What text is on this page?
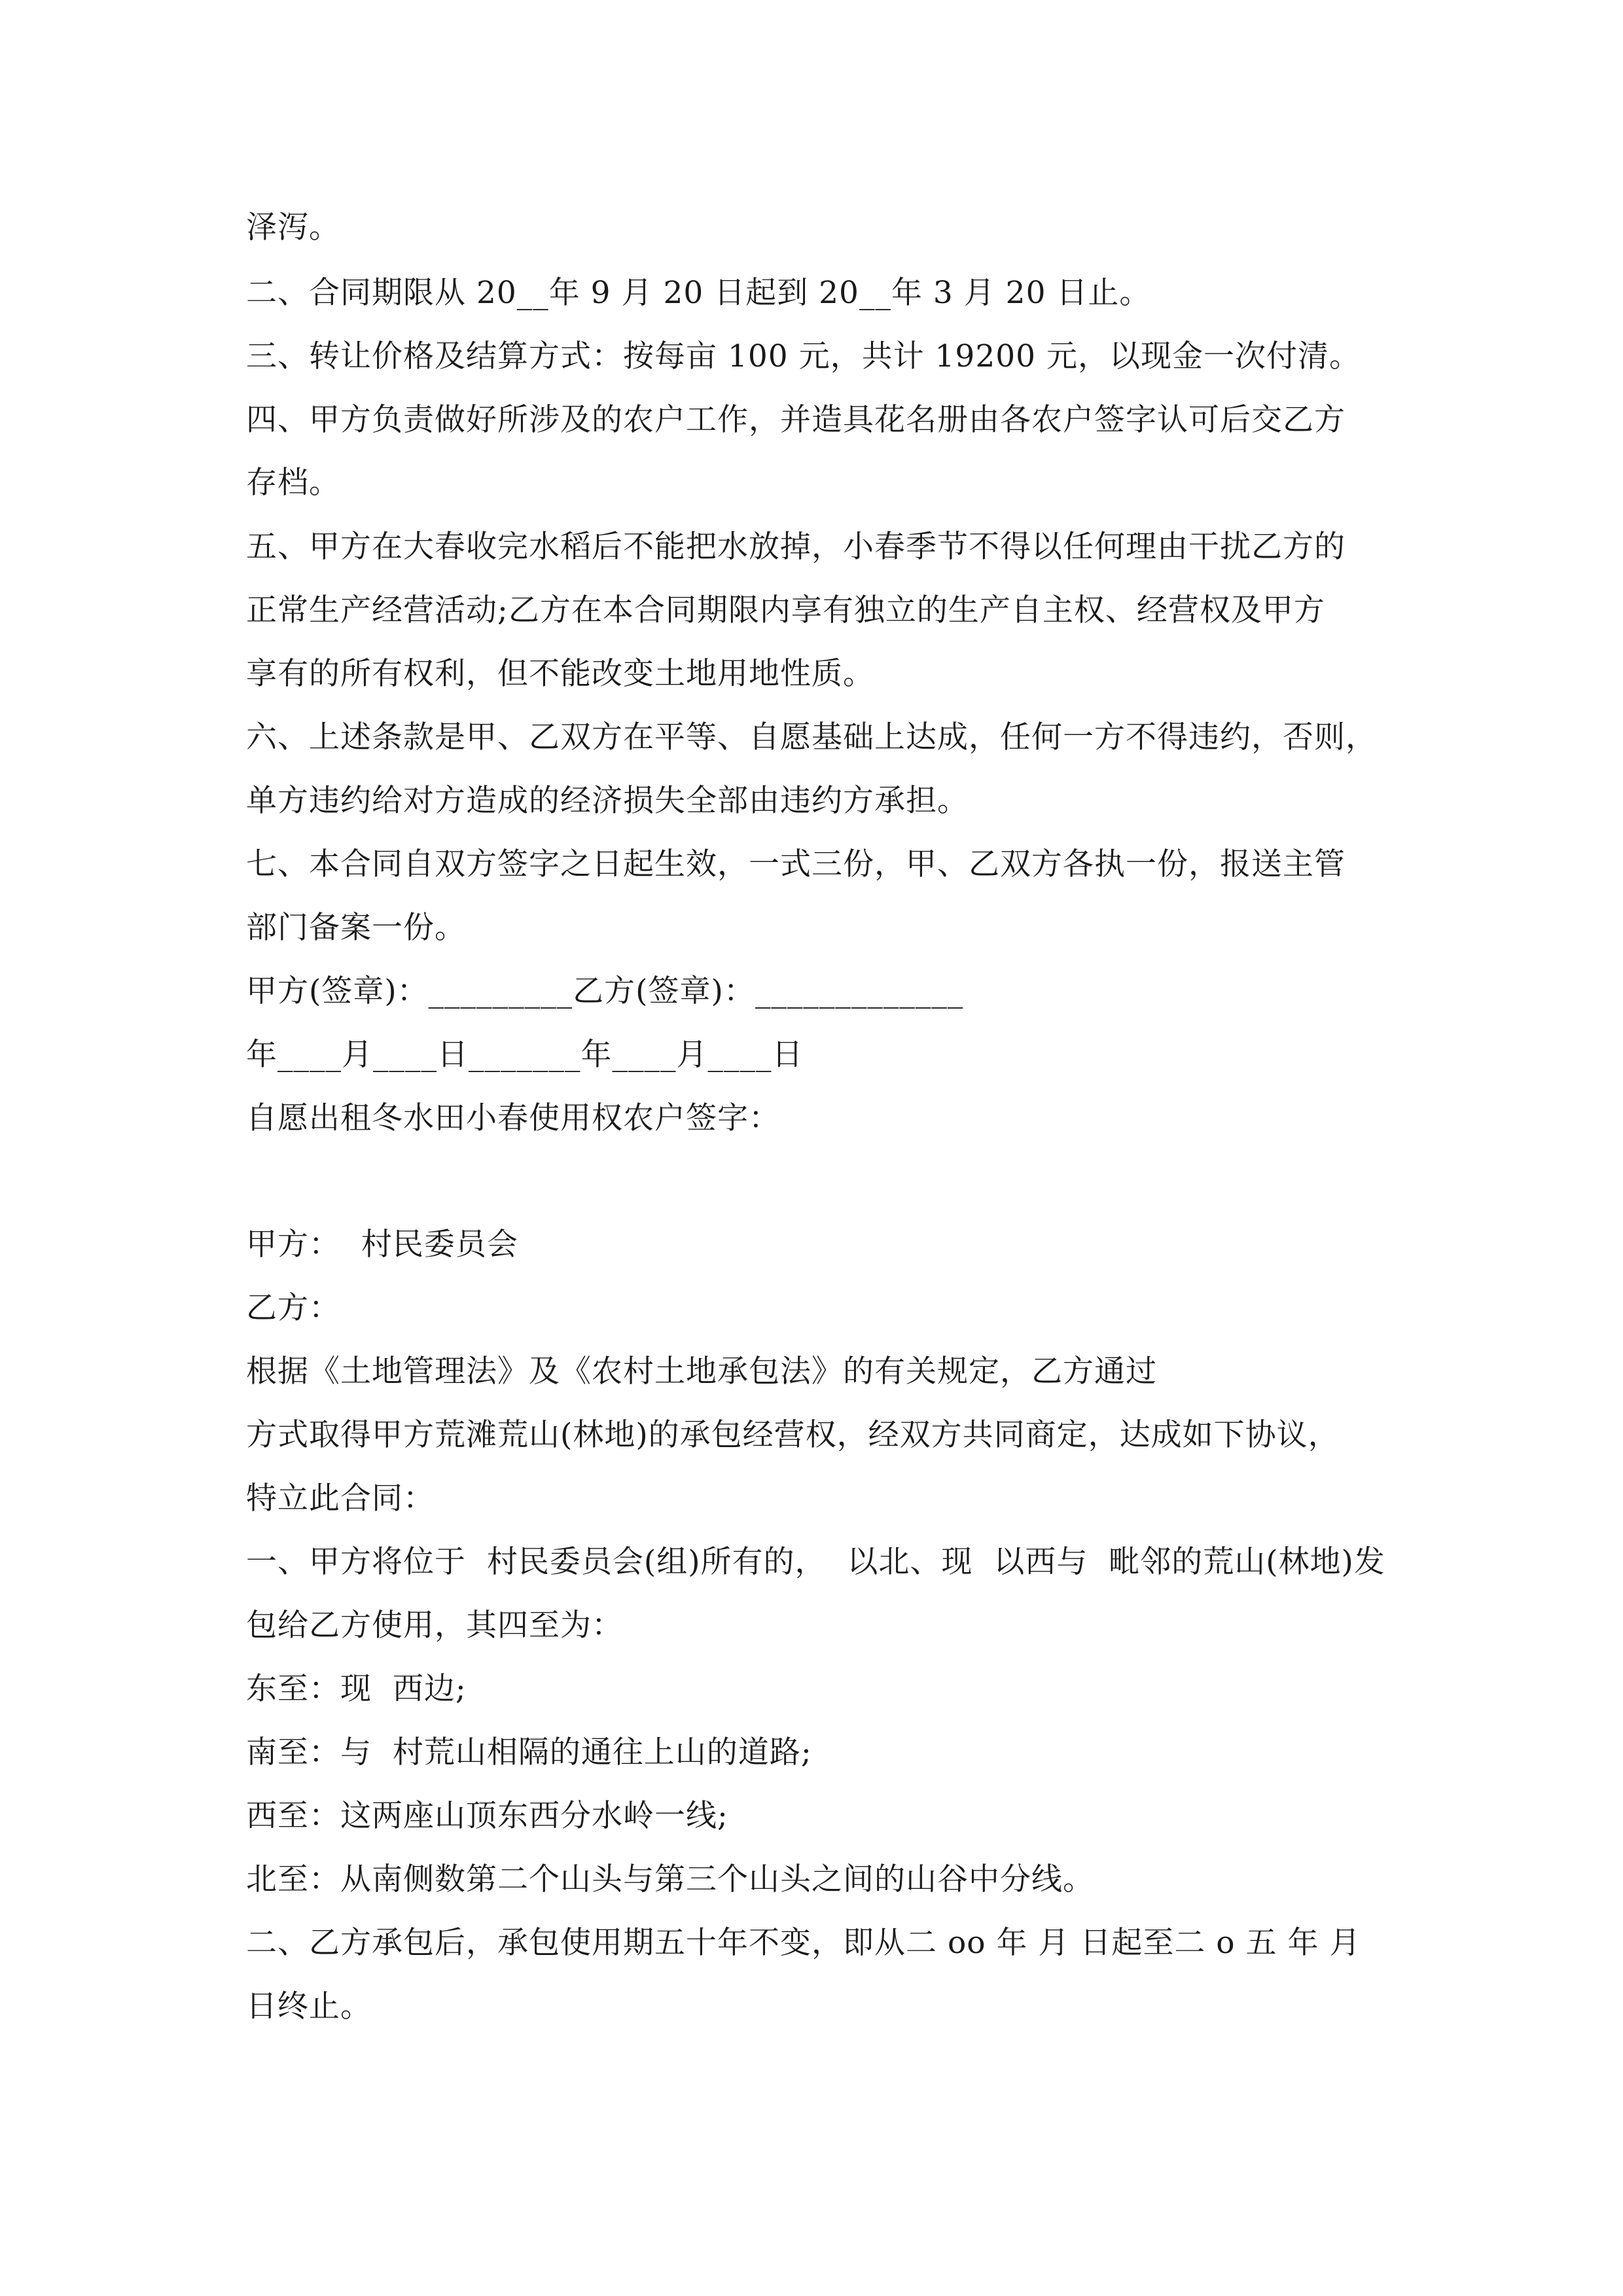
泽泻。
二、合同期限从 20__年 9 月 20 日起到 20__年 3 月 20 日止。
三、转让价格及结算方式：按每亩 100 元，共计 19200 元，以现金一次付清。
四、甲方负责做好所涉及的农户工作，并造具花名册由各农户签字认可后交乙方
存档。
五、甲方在大春收完水稻后不能把水放掉，小春季节不得以任何理由干扰乙方的
正常生产经营活动;乙方在本合同期限内享有独立的生产自主权、经营权及甲方
享有的所有权利，但不能改变土地用地性质。
六、上述条款是甲、乙双方在平等、自愿基础上达成，任何一方不得违约，否则，
单方违约给对方造成的经济损失全部由违约方承担。
七、本合同自双方签字之日起生效，一式三份，甲、乙双方各执一份，报送主管
部门备案一份。
甲方(签章)：_________乙方(签章)：_____________
年____月____日_______年____月____日
自愿出租冬水田小春使用权农户签字：
甲方：  村民委员会
乙方：
根据《土地管理法》及《农村土地承包法》的有关规定，乙方通过
方式取得甲方荒滩荒山(林地)的承包经营权，经双方共同商定，达成如下协议，
特立此合同：
一、甲方将位于  村民委员会(组)所有的，  以北、现  以西与  毗邻的荒山(林地)发
包给乙方使用，其四至为：
东至：现  西边;
南至：与  村荒山相隔的通往上山的道路;
西至：这两座山顶东西分水岭一线;
北至：从南侧数第二个山头与第三个山头之间的山谷中分线。
二、乙方承包后，承包使用期五十年不变，即从二 oo 年 月 日起至二 o 五 年 月
日终止。
